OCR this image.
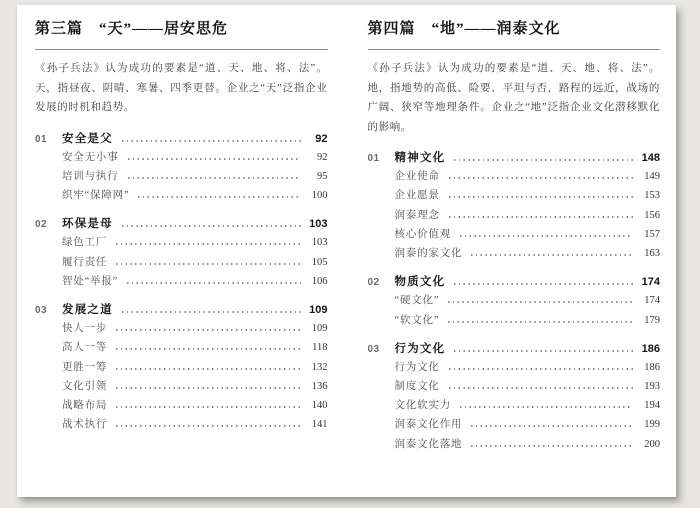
第三篇　“天”——居安思危

《孙子兵法》认为成功的要素是“道、天、地、将、法”。天，指昼夜、阴晴、寒暑、四季更替。企业之“天”泛指企业发展的时机和趋势。

01	安全是父	92
安全无小事	92
培训与执行	95
织牢“保障网”	100
02	环保是母	103
绿色工厂	103
履行责任	105
智处“举报”	106
03	发展之道	109
快人一步	109
高人一等	118
更胜一筹	132
文化引领	136
战略布局	140
战术执行	141
第四篇　“地”——润泰文化

《孙子兵法》认为成功的要素是“道、天、地、将、法”。地，指地势的高低、险要、平坦与否，路程的远近，战场的广阔、狭窄等地理条件。企业之“地”泛指企业文化潜移默化的影响。

01	精神文化	148
企业使命	149
企业愿景	153
润泰理念	156
核心价值观	157
润泰的家文化	163
02	物质文化	174
“硬文化”	174
“软文化”	179
03	行为文化	186
行为文化	186
制度文化	193
文化软实力	194
润泰文化作用	199
润泰文化落地	200
